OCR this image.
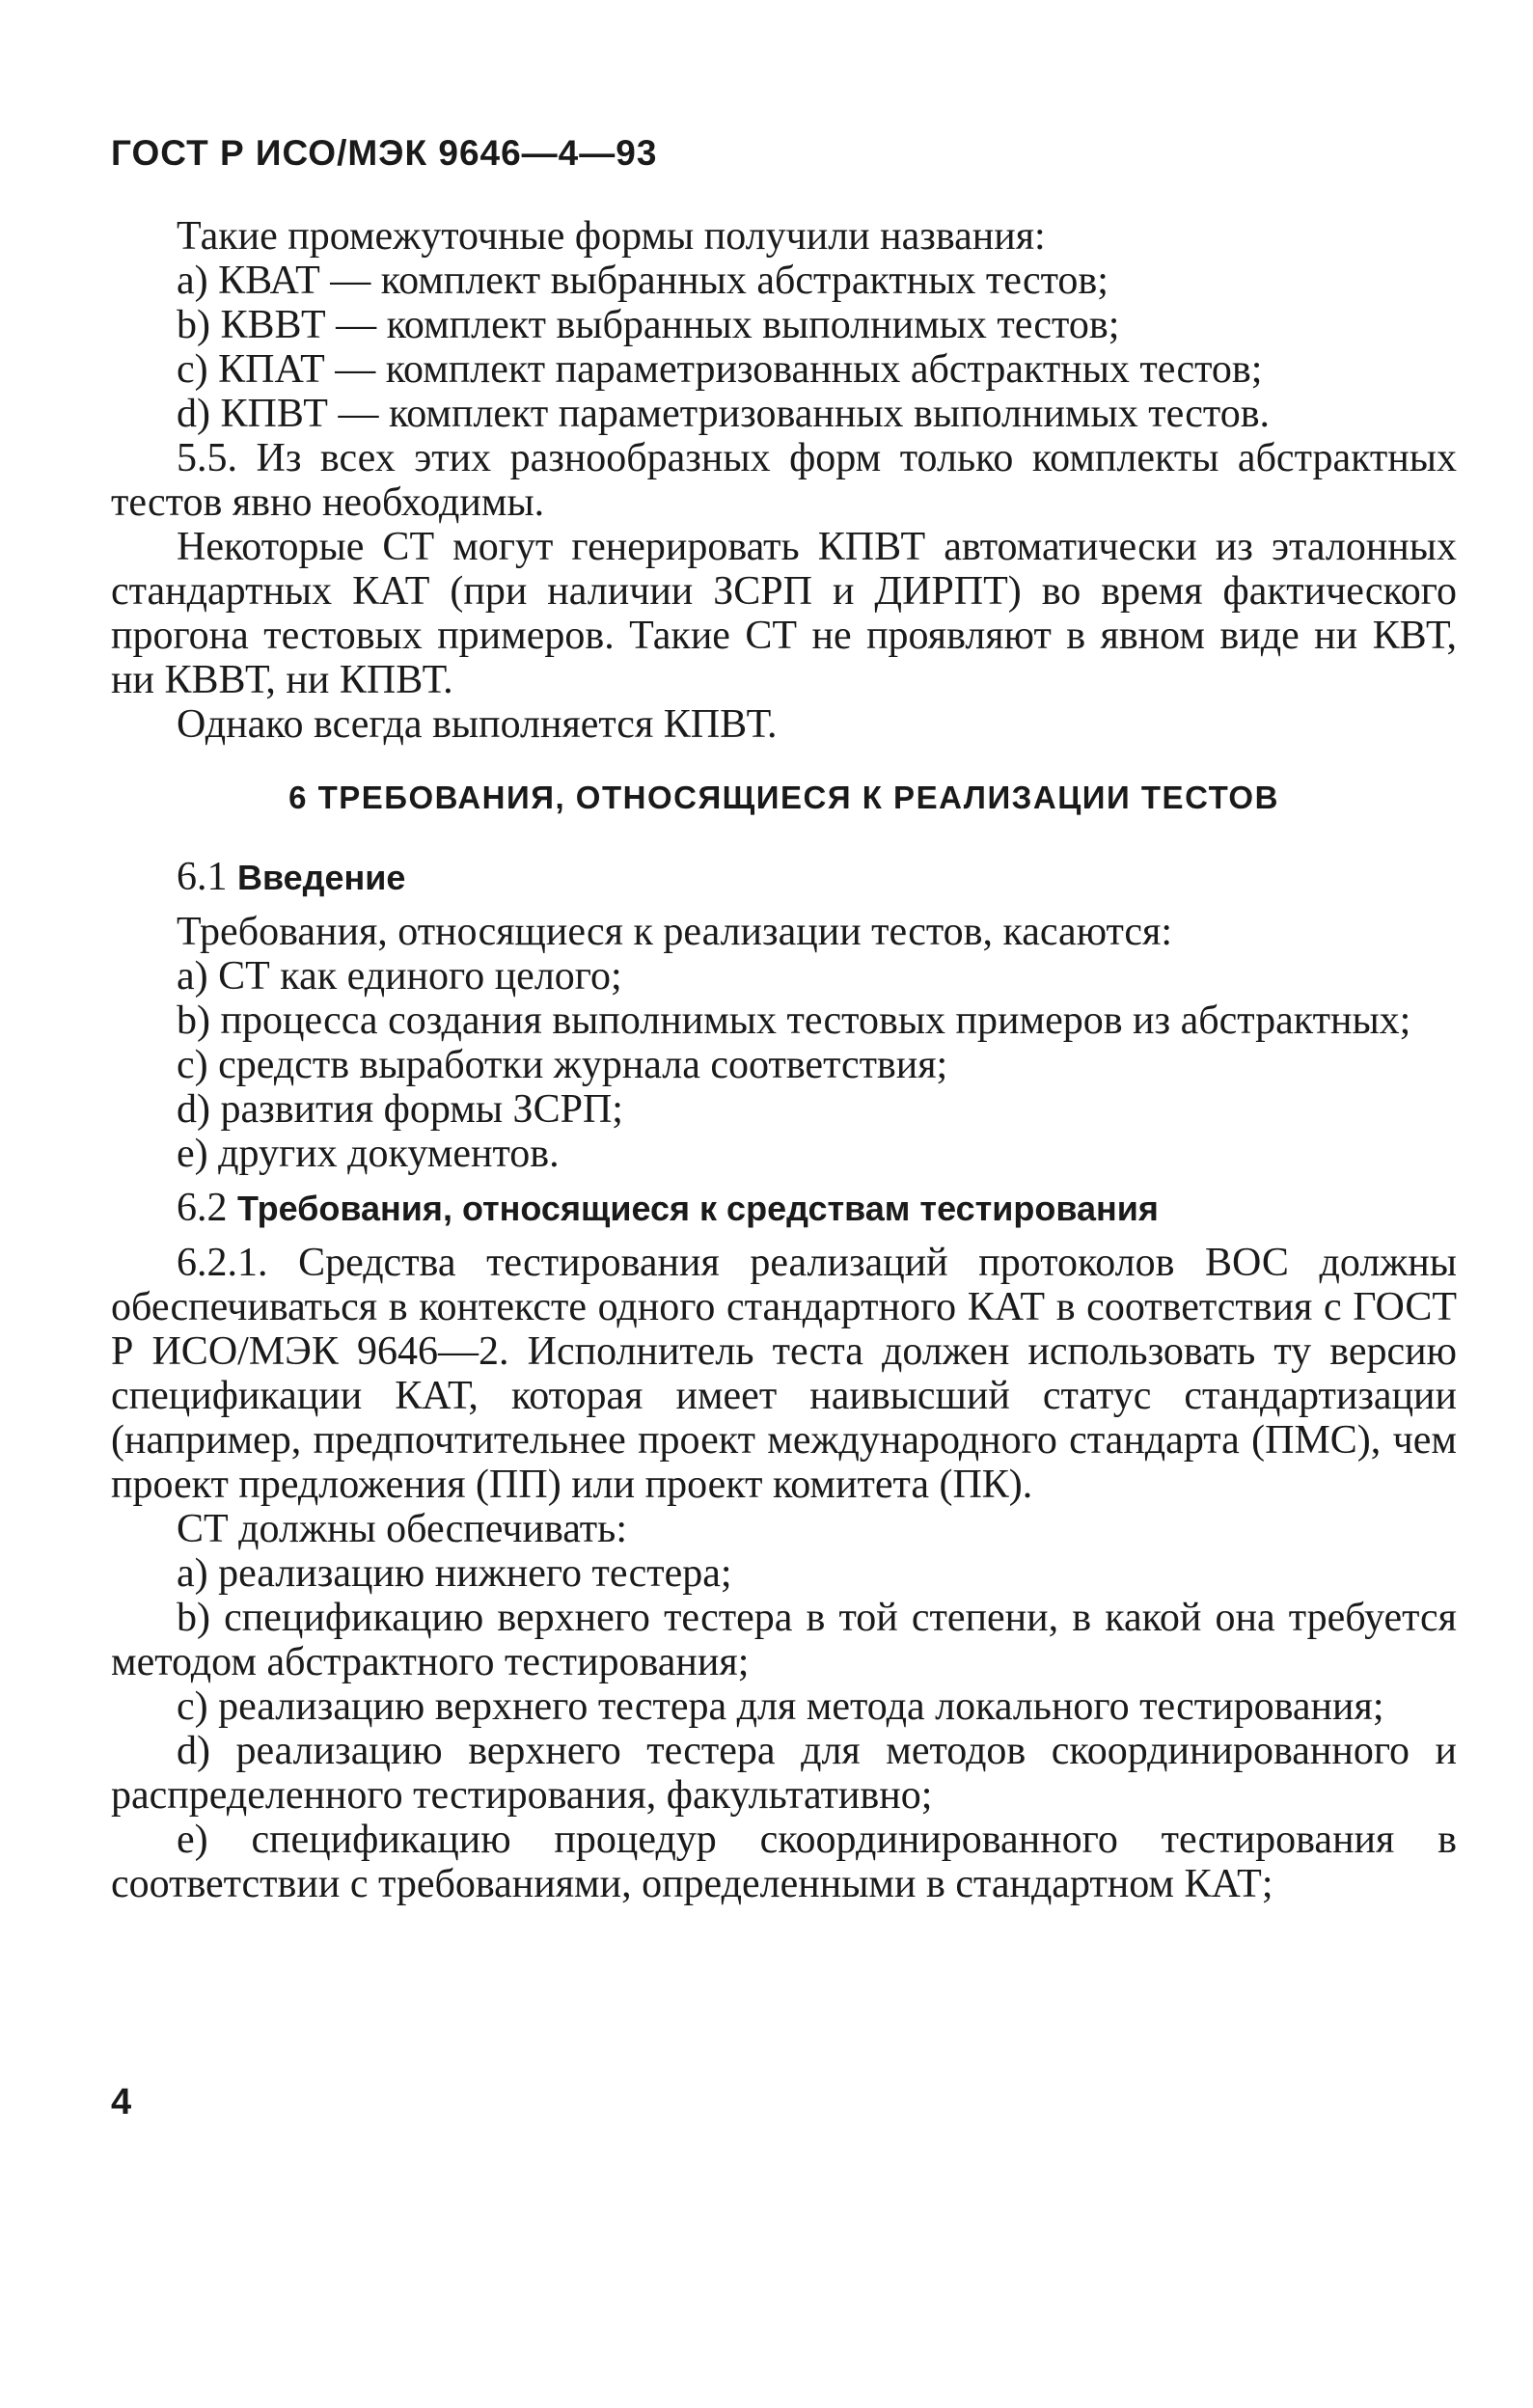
ГОСТ Р ИСО/МЭК 9646—4—93

Такие промежуточные формы получили названия:

a) КВАТ — комплект выбранных абстрактных тестов;

b) КВВТ — комплект выбранных выполнимых тестов;

c) КПАТ — комплект параметризованных абстрактных тестов;

d) КПВТ — комплект параметризованных выполнимых тестов.

5.5. Из всех этих разнообразных форм только комплекты абстрактных тестов явно необходимы.

Некоторые СТ могут генерировать КПВТ автоматически из эталонных стандартных КАТ (при наличии ЗСРП и ДИРПТ) во время фактического прогона тестовых примеров. Такие СТ не проявляют в явном виде ни КВТ, ни КВВТ, ни КПВТ.

Однако всегда выполняется КПВТ.

6 ТРЕБОВАНИЯ, ОТНОСЯЩИЕСЯ К РЕАЛИЗАЦИИ ТЕСТОВ

6.1 Введение

Требования, относящиеся к реализации тестов, касаются:

a) СТ как единого целого;

b) процесса создания выполнимых тестовых примеров из абстрактных;

c) средств выработки журнала соответствия;

d) развития формы ЗСРП;

e) других документов.

6.2 Требования, относящиеся к средствам тестирования

6.2.1. Средства тестирования реализаций протоколов ВОС должны обеспечиваться в контексте одного стандартного КАТ в соответствия с ГОСТ Р ИСО/МЭК 9646—2. Исполнитель теста должен использовать ту версию спецификации КАТ, которая имеет наивысший статус стандартизации (например, предпочтительнее проект международного стандарта (ПМС), чем проект предложения (ПП) или проект комитета (ПК).

СТ должны обеспечивать:

a) реализацию нижнего тестера;

b) спецификацию верхнего тестера в той степени, в какой она требуется методом абстрактного тестирования;

c) реализацию верхнего тестера для метода локального тестирования;

d) реализацию верхнего тестера для методов скоординированного и распределенного тестирования, факультативно;

e) спецификацию процедур скоординированного тестирования в соответствии с требованиями, определенными в стандартном КАТ;

4
